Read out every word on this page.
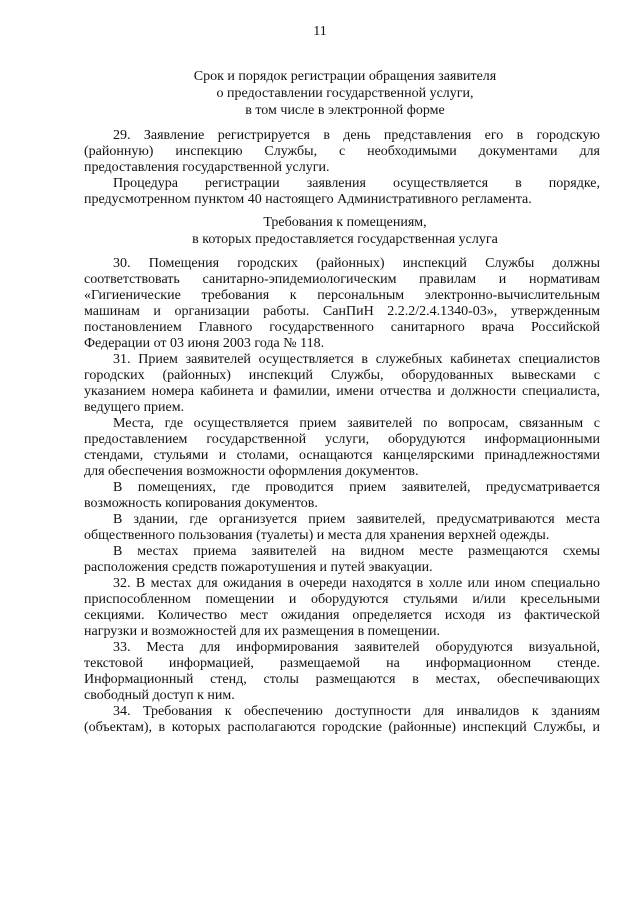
11
Срок и порядок регистрации обращения заявителя
о предоставлении государственной услуги,
в том числе в электронной форме
29. Заявление регистрируется в день представления его в городскую
(районную) инспекцию Службы, с необходимыми документами для
предоставления государственной услуги.
Процедура регистрации заявления осуществляется в порядке,
предусмотренном пунктом 40 настоящего Административного регламента.
Требования к помещениям,
в которых предоставляется государственная услуга
30. Помещения городских (районных) инспекций Службы должны
соответствовать санитарно-эпидемиологическим правилам и нормативам
«Гигиенические требования к персональным электронно-вычислительным
машинам и организации работы. СанПиН 2.2.2/2.4.1340-03», утвержденным
постановлением Главного государственного санитарного врача Российской
Федерации от 03 июня 2003 года № 118.
31. Прием заявителей осуществляется в служебных кабинетах специалистов
городских (районных) инспекций Службы, оборудованных вывесками с
указанием номера кабинета и фамилии, имени отчества и должности специалиста,
ведущего прием.
Места, где осуществляется прием заявителей по вопросам, связанным с
предоставлением государственной услуги, оборудуются информационными
стендами, стульями и столами, оснащаются канцелярскими принадлежностями
для обеспечения возможности оформления документов.
В помещениях, где проводится прием заявителей, предусматривается
возможность копирования документов.
В здании, где организуется прием заявителей, предусматриваются места
общественного пользования (туалеты) и места для хранения верхней одежды.
В местах приема заявителей на видном месте размещаются схемы
расположения средств пожаротушения и путей эвакуации.
32. В местах для ожидания в очереди находятся в холле или ином специально
приспособленном помещении и оборудуются стульями и/или кресельными
секциями. Количество мест ожидания определяется исходя из фактической
нагрузки и возможностей для их размещения в помещении.
33. Места для информирования заявителей оборудуются визуальной,
текстовой информацией, размещаемой на информационном стенде.
Информационный стенд, столы размещаются в местах, обеспечивающих
свободный доступ к ним.
34. Требования к обеспечению доступности для инвалидов к зданиям
(объектам), в которых располагаются городские (районные) инспекций Службы, и
